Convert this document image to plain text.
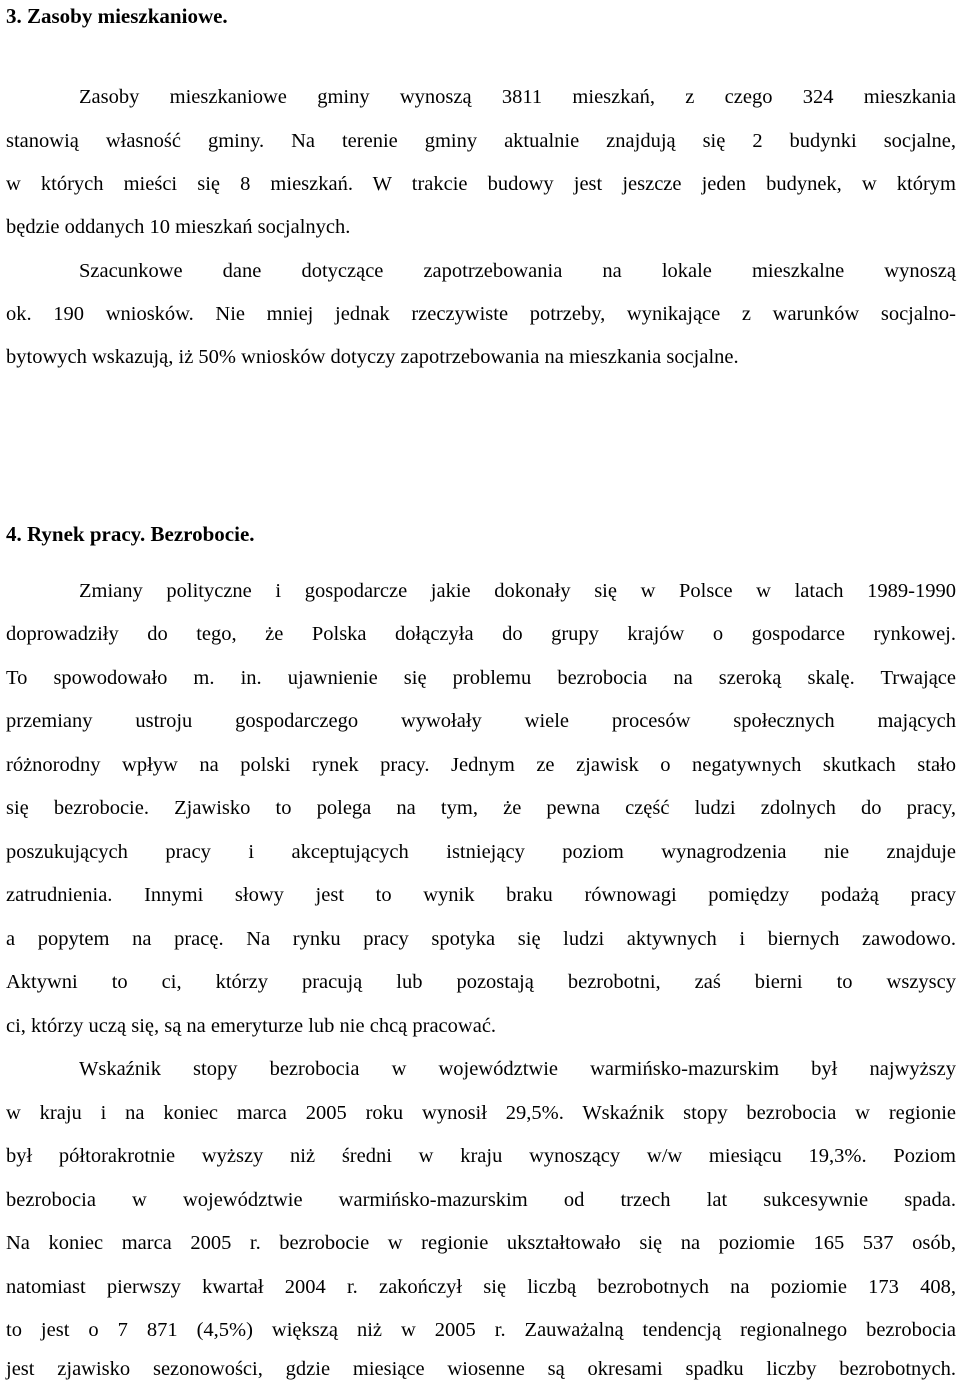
3. Zasoby mieszkaniowe.
Zasoby mieszkaniowe gminy wynoszą 3811 mieszkań, z czego 324 mieszkania
stanowią własność gminy. Na terenie gminy aktualnie znajdują się 2 budynki socjalne,
w których mieści się 8 mieszkań. W trakcie budowy jest jeszcze jeden budynek, w którym
będzie oddanych 10 mieszkań socjalnych.
Szacunkowe dane dotyczące zapotrzebowania na lokale mieszkalne wynoszą
ok. 190 wniosków. Nie mniej jednak rzeczywiste potrzeby, wynikające z warunków socjalno-
bytowych wskazują, iż 50% wniosków dotyczy zapotrzebowania na mieszkania socjalne.
4. Rynek pracy. Bezrobocie.
Zmiany polityczne i gospodarcze jakie dokonały się w Polsce w latach 1989-1990
doprowadziły do tego, że Polska dołączyła do grupy krajów o gospodarce rynkowej.
To spowodowało m. in. ujawnienie się problemu bezrobocia na szeroką skalę. Trwające
przemiany ustroju gospodarczego wywołały wiele procesów społecznych mających
różnorodny wpływ na polski rynek pracy. Jednym ze zjawisk o negatywnych skutkach stało
się bezrobocie. Zjawisko to polega na tym, że pewna część ludzi zdolnych do pracy,
poszukujących pracy i akceptujących istniejący poziom wynagrodzenia nie znajduje
zatrudnienia. Innymi słowy jest to wynik braku równowagi pomiędzy podażą pracy
a popytem na pracę. Na rynku pracy spotyka się ludzi aktywnych i biernych zawodowo.
Aktywni to ci, którzy pracują lub pozostają bezrobotni, zaś bierni to wszyscy
ci, którzy uczą się, są na emeryturze lub nie chcą pracować.
Wskaźnik stopy bezrobocia w województwie warmińsko-mazurskim był najwyższy
w kraju i na koniec marca 2005 roku wynosił 29,5%. Wskaźnik stopy bezrobocia w regionie
był półtorakrotnie wyższy niż średni w kraju wynoszący w/w miesiącu 19,3%. Poziom
bezrobocia w województwie warmińsko-mazurskim od trzech lat sukcesywnie spada.
Na koniec marca 2005 r. bezrobocie w regionie ukształtowało się na poziomie 165 537 osób,
natomiast pierwszy kwartał 2004 r. zakończył się liczbą bezrobotnych na poziomie 173 408,
to jest o 7 871 (4,5%) większą niż w 2005 r. Zauważalną tendencją regionalnego bezrobocia
jest zjawisko sezonowości, gdzie miesiące wiosenne są okresami spadku liczby bezrobotnych.
